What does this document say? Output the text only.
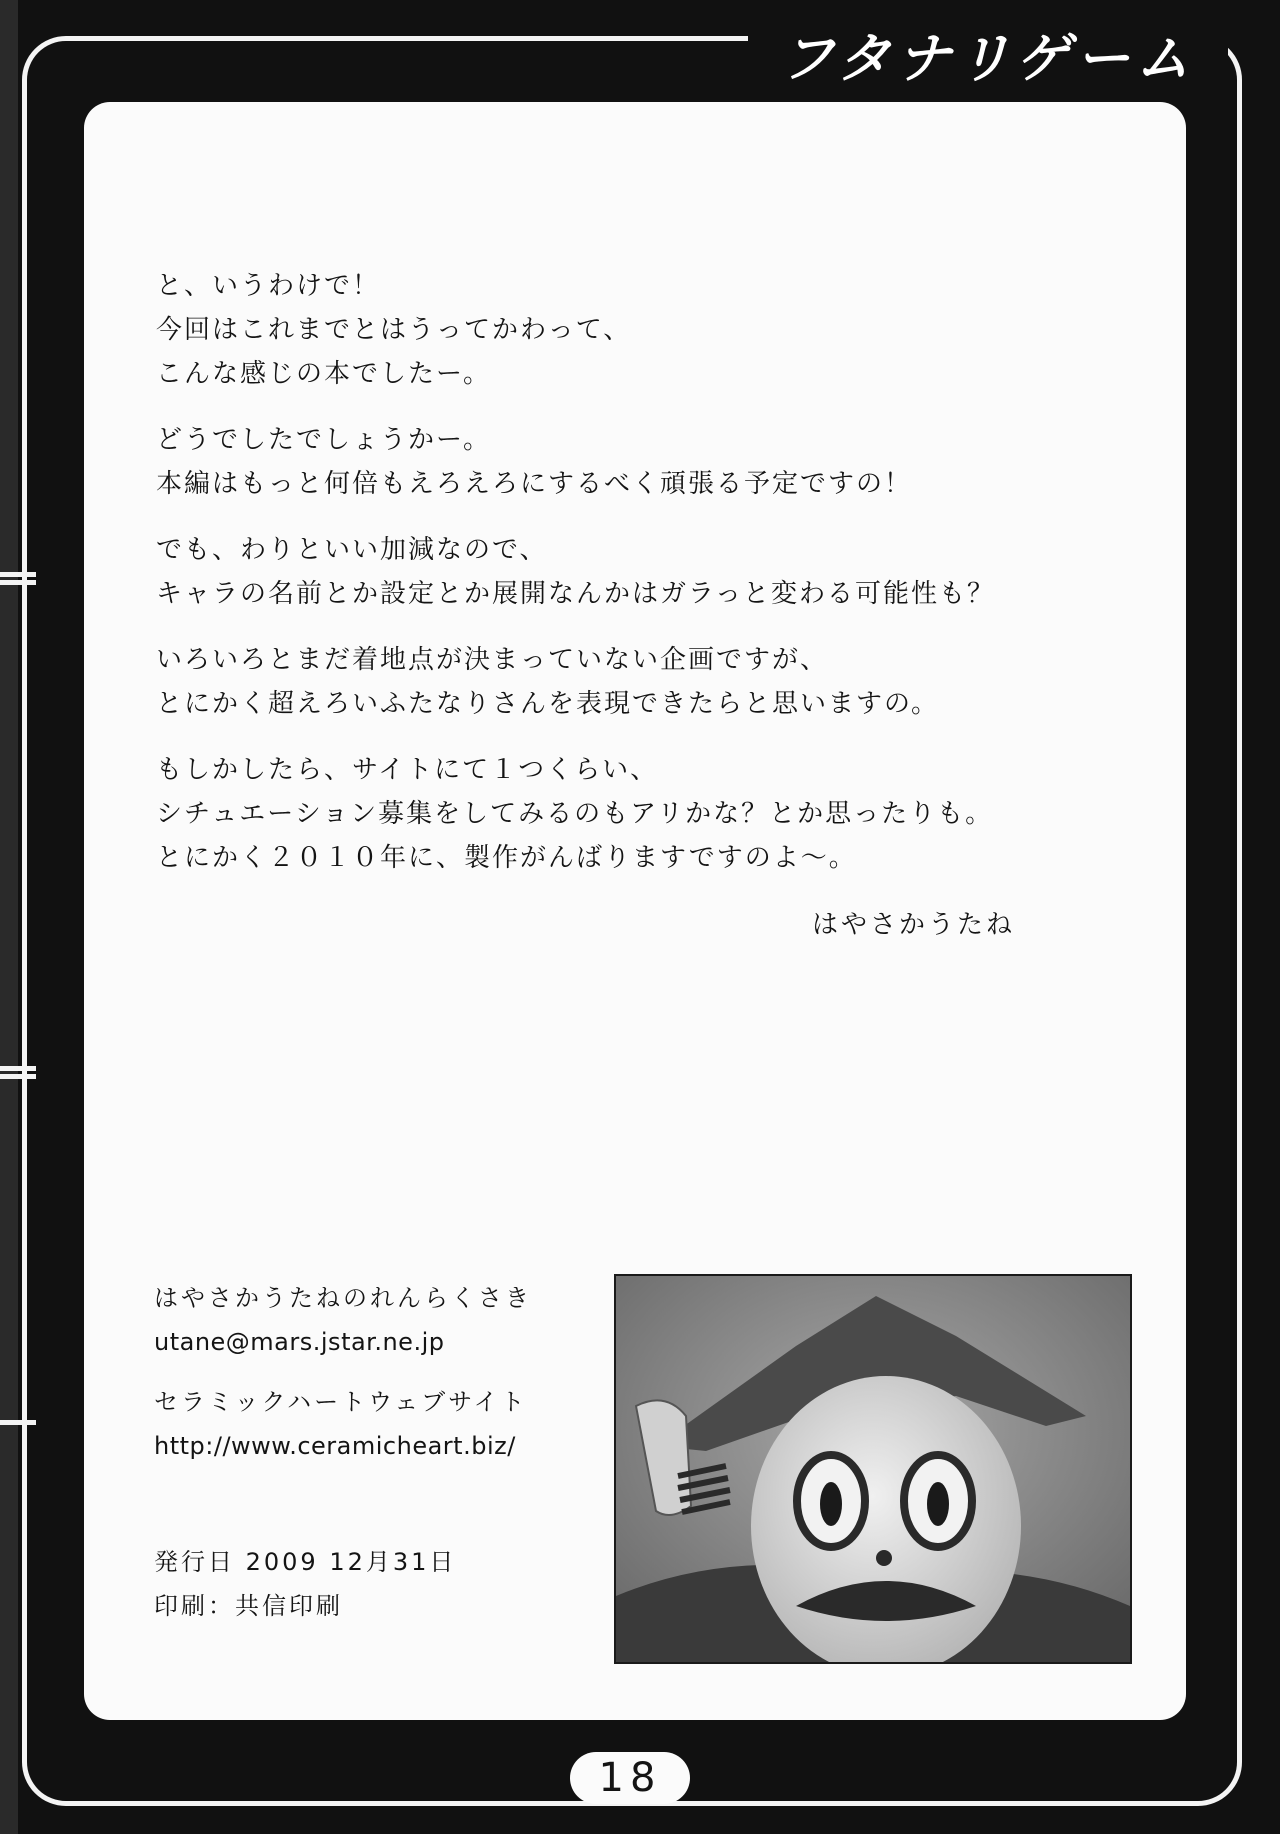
フタナリゲーム
と、いうわけで！
今回はこれまでとはうってかわって、
こんな感じの本でしたー。
どうでしたでしょうかー。
本編はもっと何倍もえろえろにするべく頑張る予定ですの！
でも、わりといい加減なので、
キャラの名前とか設定とか展開なんかはガラっと変わる可能性も？
いろいろとまだ着地点が決まっていない企画ですが、
とにかく超えろいふたなりさんを表現できたらと思いますの。
もしかしたら、サイトにて１つくらい、
シチュエーション募集をしてみるのもアリかな？とか思ったりも。
とにかく２０１０年に、製作がんばりますですのよ～。
はやさかうたね
はやさかうたねのれんらくさき
utane@mars.jstar.ne.jp
セラミックハートウェブサイト
http://www.ceramicheart.biz/
発行日 2009 12月31日
印刷：共信印刷
18
